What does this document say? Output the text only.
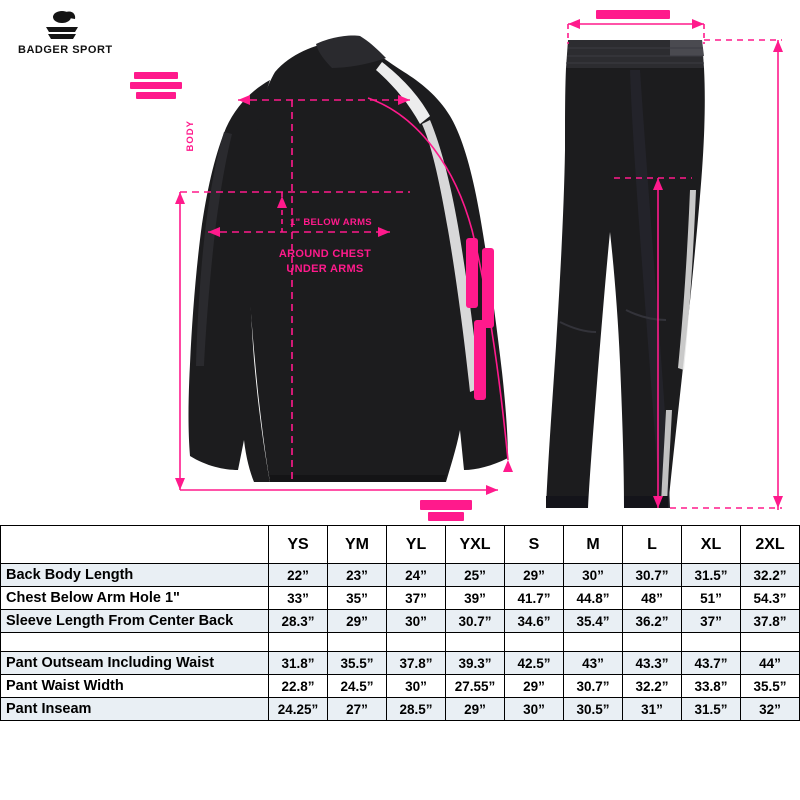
BADGER SPORT
BODY
1" BELOW ARMS
AROUND CHEST
UNDER ARMS
	YS	YM	YL	YXL	S	M	L	XL	2XL
Back Body Length	22”	23”	24”	25”	29”	30”	30.7”	31.5”	32.2”
Chest Below Arm Hole 1"	33”	35”	37”	39”	41.7”	44.8”	48”	51”	54.3”
Sleeve Length From Center Back	28.3”	29”	30”	30.7”	34.6”	35.4”	36.2”	37”	37.8”

Pant Outseam Including Waist	31.8”	35.5”	37.8”	39.3”	42.5”	43”	43.3”	43.7”	44”
Pant Waist Width	22.8”	24.5”	30”	27.55”	29”	30.7”	32.2”	33.8”	35.5”
Pant Inseam	24.25”	27”	28.5”	29”	30”	30.5”	31”	31.5”	32”
